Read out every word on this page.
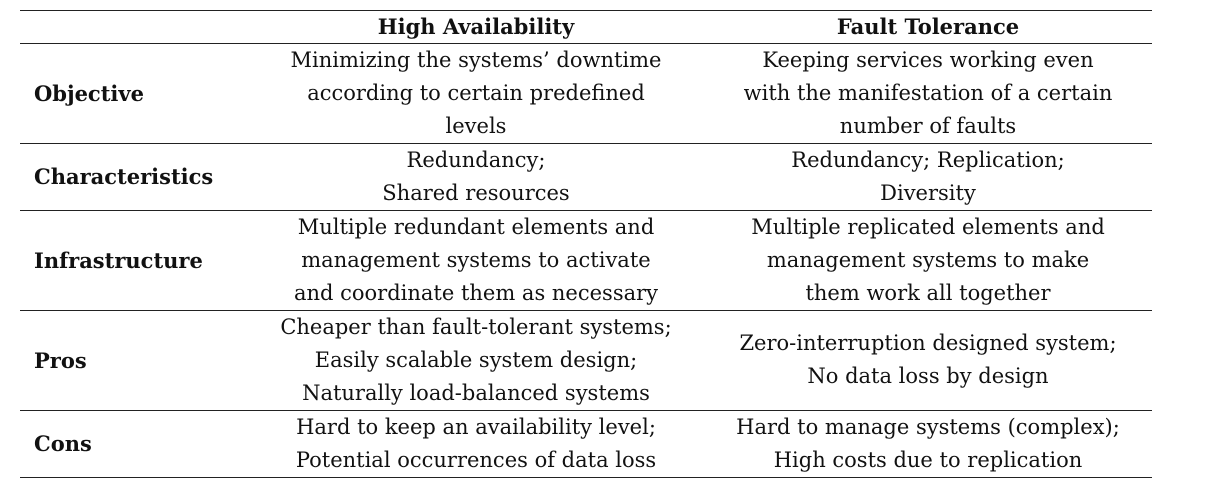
High Availability	Fault Tolerance
Objective
Minimizing the systems’ downtime
according to certain predefined
levels
Keeping services working even
with the manifestation of a certain
number of faults
Characteristics
Redundancy;
Shared resources
Redundancy; Replication;
Diversity
Infrastructure
Multiple redundant elements and
management systems to activate
and coordinate them as necessary
Multiple replicated elements and
management systems to make
them work all together
Pros
Cheaper than fault-tolerant systems;
Easily scalable system design;
Naturally load-balanced systems
Zero-interruption designed system;
No data loss by design
Cons
Hard to keep an availability level;
Potential occurrences of data loss
Hard to manage systems (complex);
High costs due to replication
